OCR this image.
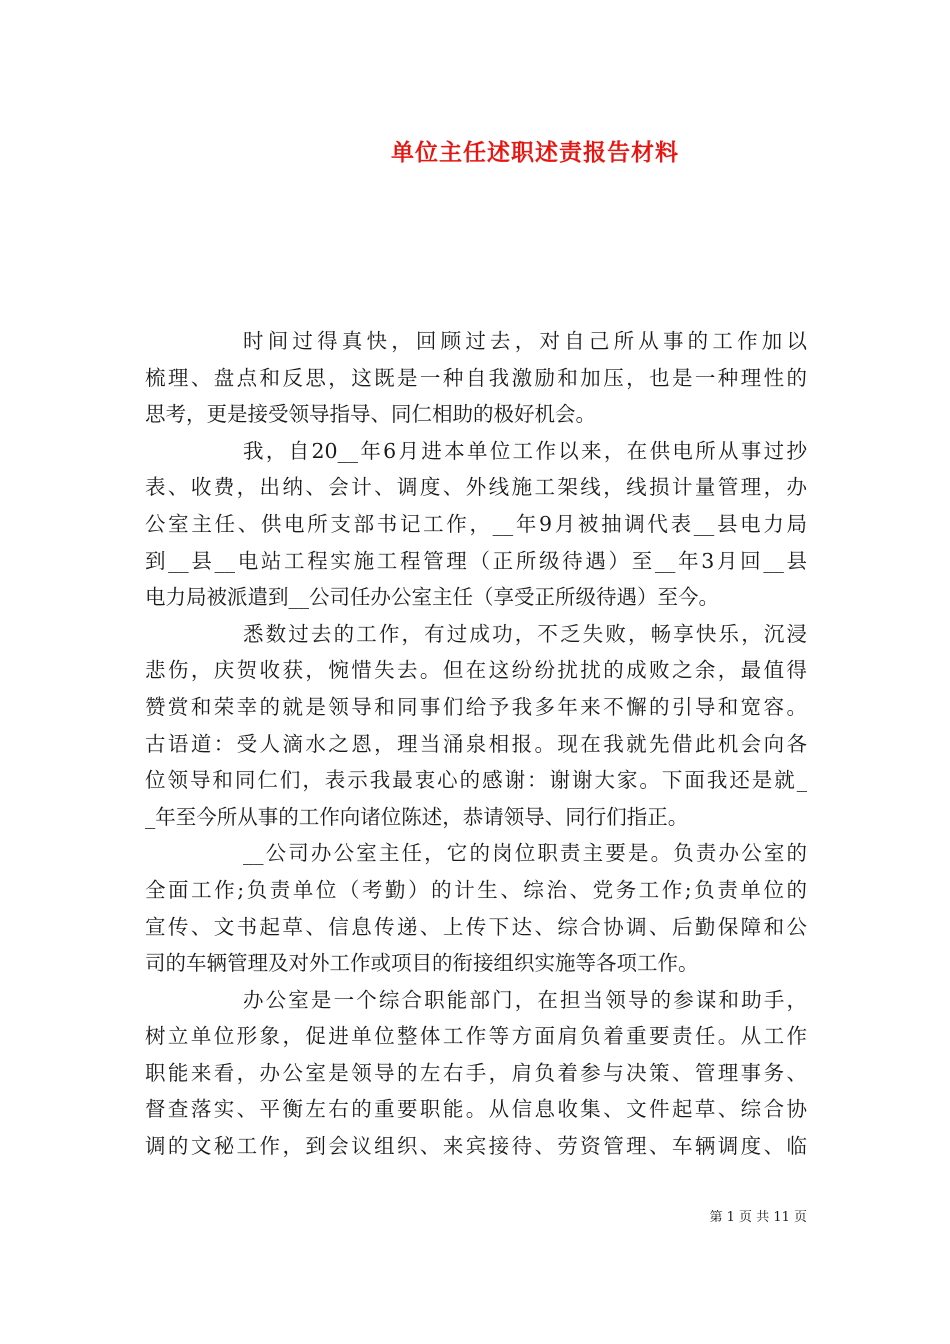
单位主任述职述责报告材料
时间过得真快，回顾过去，对自己所从事的工作加以
梳理、盘点和反思，这既是一种自我激励和加压，也是一种理性的
思考，更是接受领导指导、同仁相助的极好机会。
我，自20__年6月进本单位工作以来，在供电所从事过抄
表、收费，出纳、会计、调度、外线施工架线，线损计量管理，办
公室主任、供电所支部书记工作，__年9月被抽调代表__县电力局
到__县__电站工程实施工程管理（正所级待遇）至__年3月回__县
电力局被派遣到__公司任办公室主任（享受正所级待遇）至今。
悉数过去的工作，有过成功，不乏失败，畅享快乐，沉浸
悲伤，庆贺收获，惋惜失去。但在这纷纷扰扰的成败之余，最值得
赞赏和荣幸的就是领导和同事们给予我多年来不懈的引导和宽容。
古语道：受人滴水之恩，理当涌泉相报。现在我就先借此机会向各
位领导和同仁们，表示我最衷心的感谢：谢谢大家。下面我还是就_
_年至今所从事的工作向诸位陈述，恭请领导、同行们指正。
__公司办公室主任，它的岗位职责主要是。负责办公室的
全面工作;负责单位（考勤）的计生、综治、党务工作;负责单位的
宣传、文书起草、信息传递、上传下达、综合协调、后勤保障和公
司的车辆管理及对外工作或项目的衔接组织实施等各项工作。
办公室是一个综合职能部门，在担当领导的参谋和助手，
树立单位形象，促进单位整体工作等方面肩负着重要责任。从工作
职能来看，办公室是领导的左右手，肩负着参与决策、管理事务、
督查落实、平衡左右的重要职能。从信息收集、文件起草、综合协
调的文秘工作，到会议组织、来宾接待、劳资管理、车辆调度、临
第 1 页 共 11 页
